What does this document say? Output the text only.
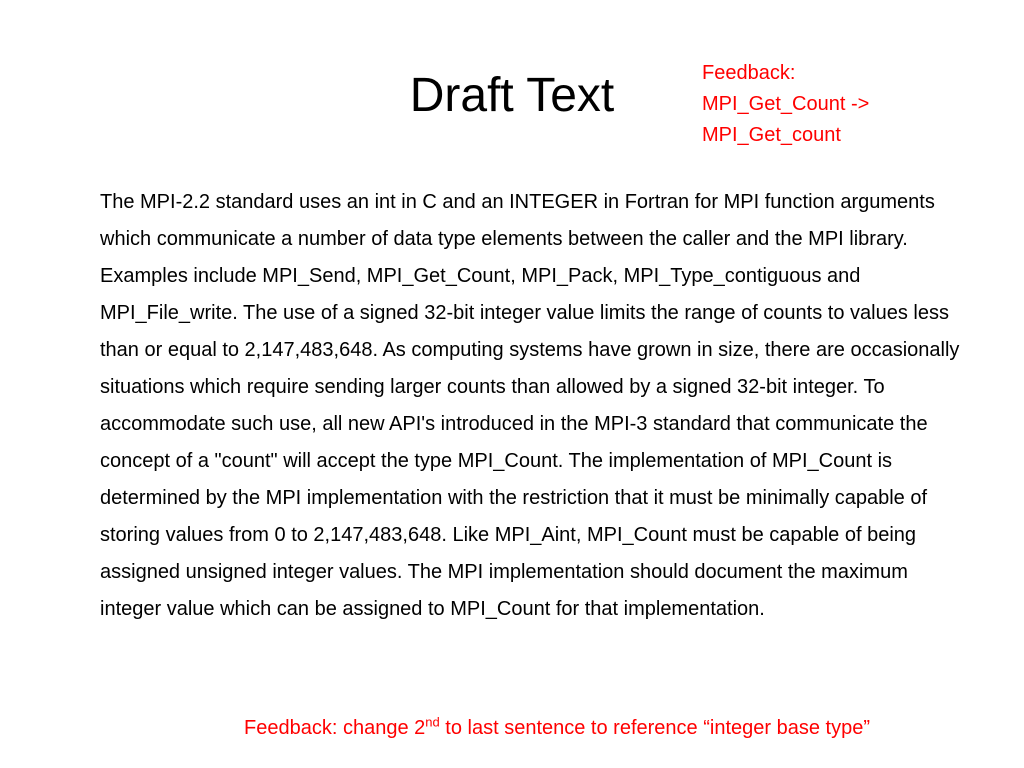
Draft Text	Feedback:
MPI_Get_Count ->
MPI_Get_count

The MPI-2.2 standard uses an int in C and an INTEGER in Fortran for MPI function arguments which communicate a number of data type elements between the caller and the MPI library. Examples include MPI_Send, MPI_Get_Count, MPI_Pack, MPI_Type_contiguous and MPI_File_write. The use of a signed 32-bit integer value limits the range of counts to values less than or equal to 2,147,483,648. As computing systems have grown in size, there are occasionally situations which require sending larger counts than allowed by a signed 32-bit integer. To accommodate such use, all new API's introduced in the MPI-3 standard that communicate the concept of a "count" will accept the type MPI_Count. The implementation of MPI_Count is determined by the MPI implementation with the restriction that it must be minimally capable of storing values from 0 to 2,147,483,648. Like MPI_Aint, MPI_Count must be capable of being assigned unsigned integer values. The MPI implementation should document the maximum integer value which can be assigned to MPI_Count for that implementation.

Feedback: change 2nd to last sentence to reference “integer base type”
